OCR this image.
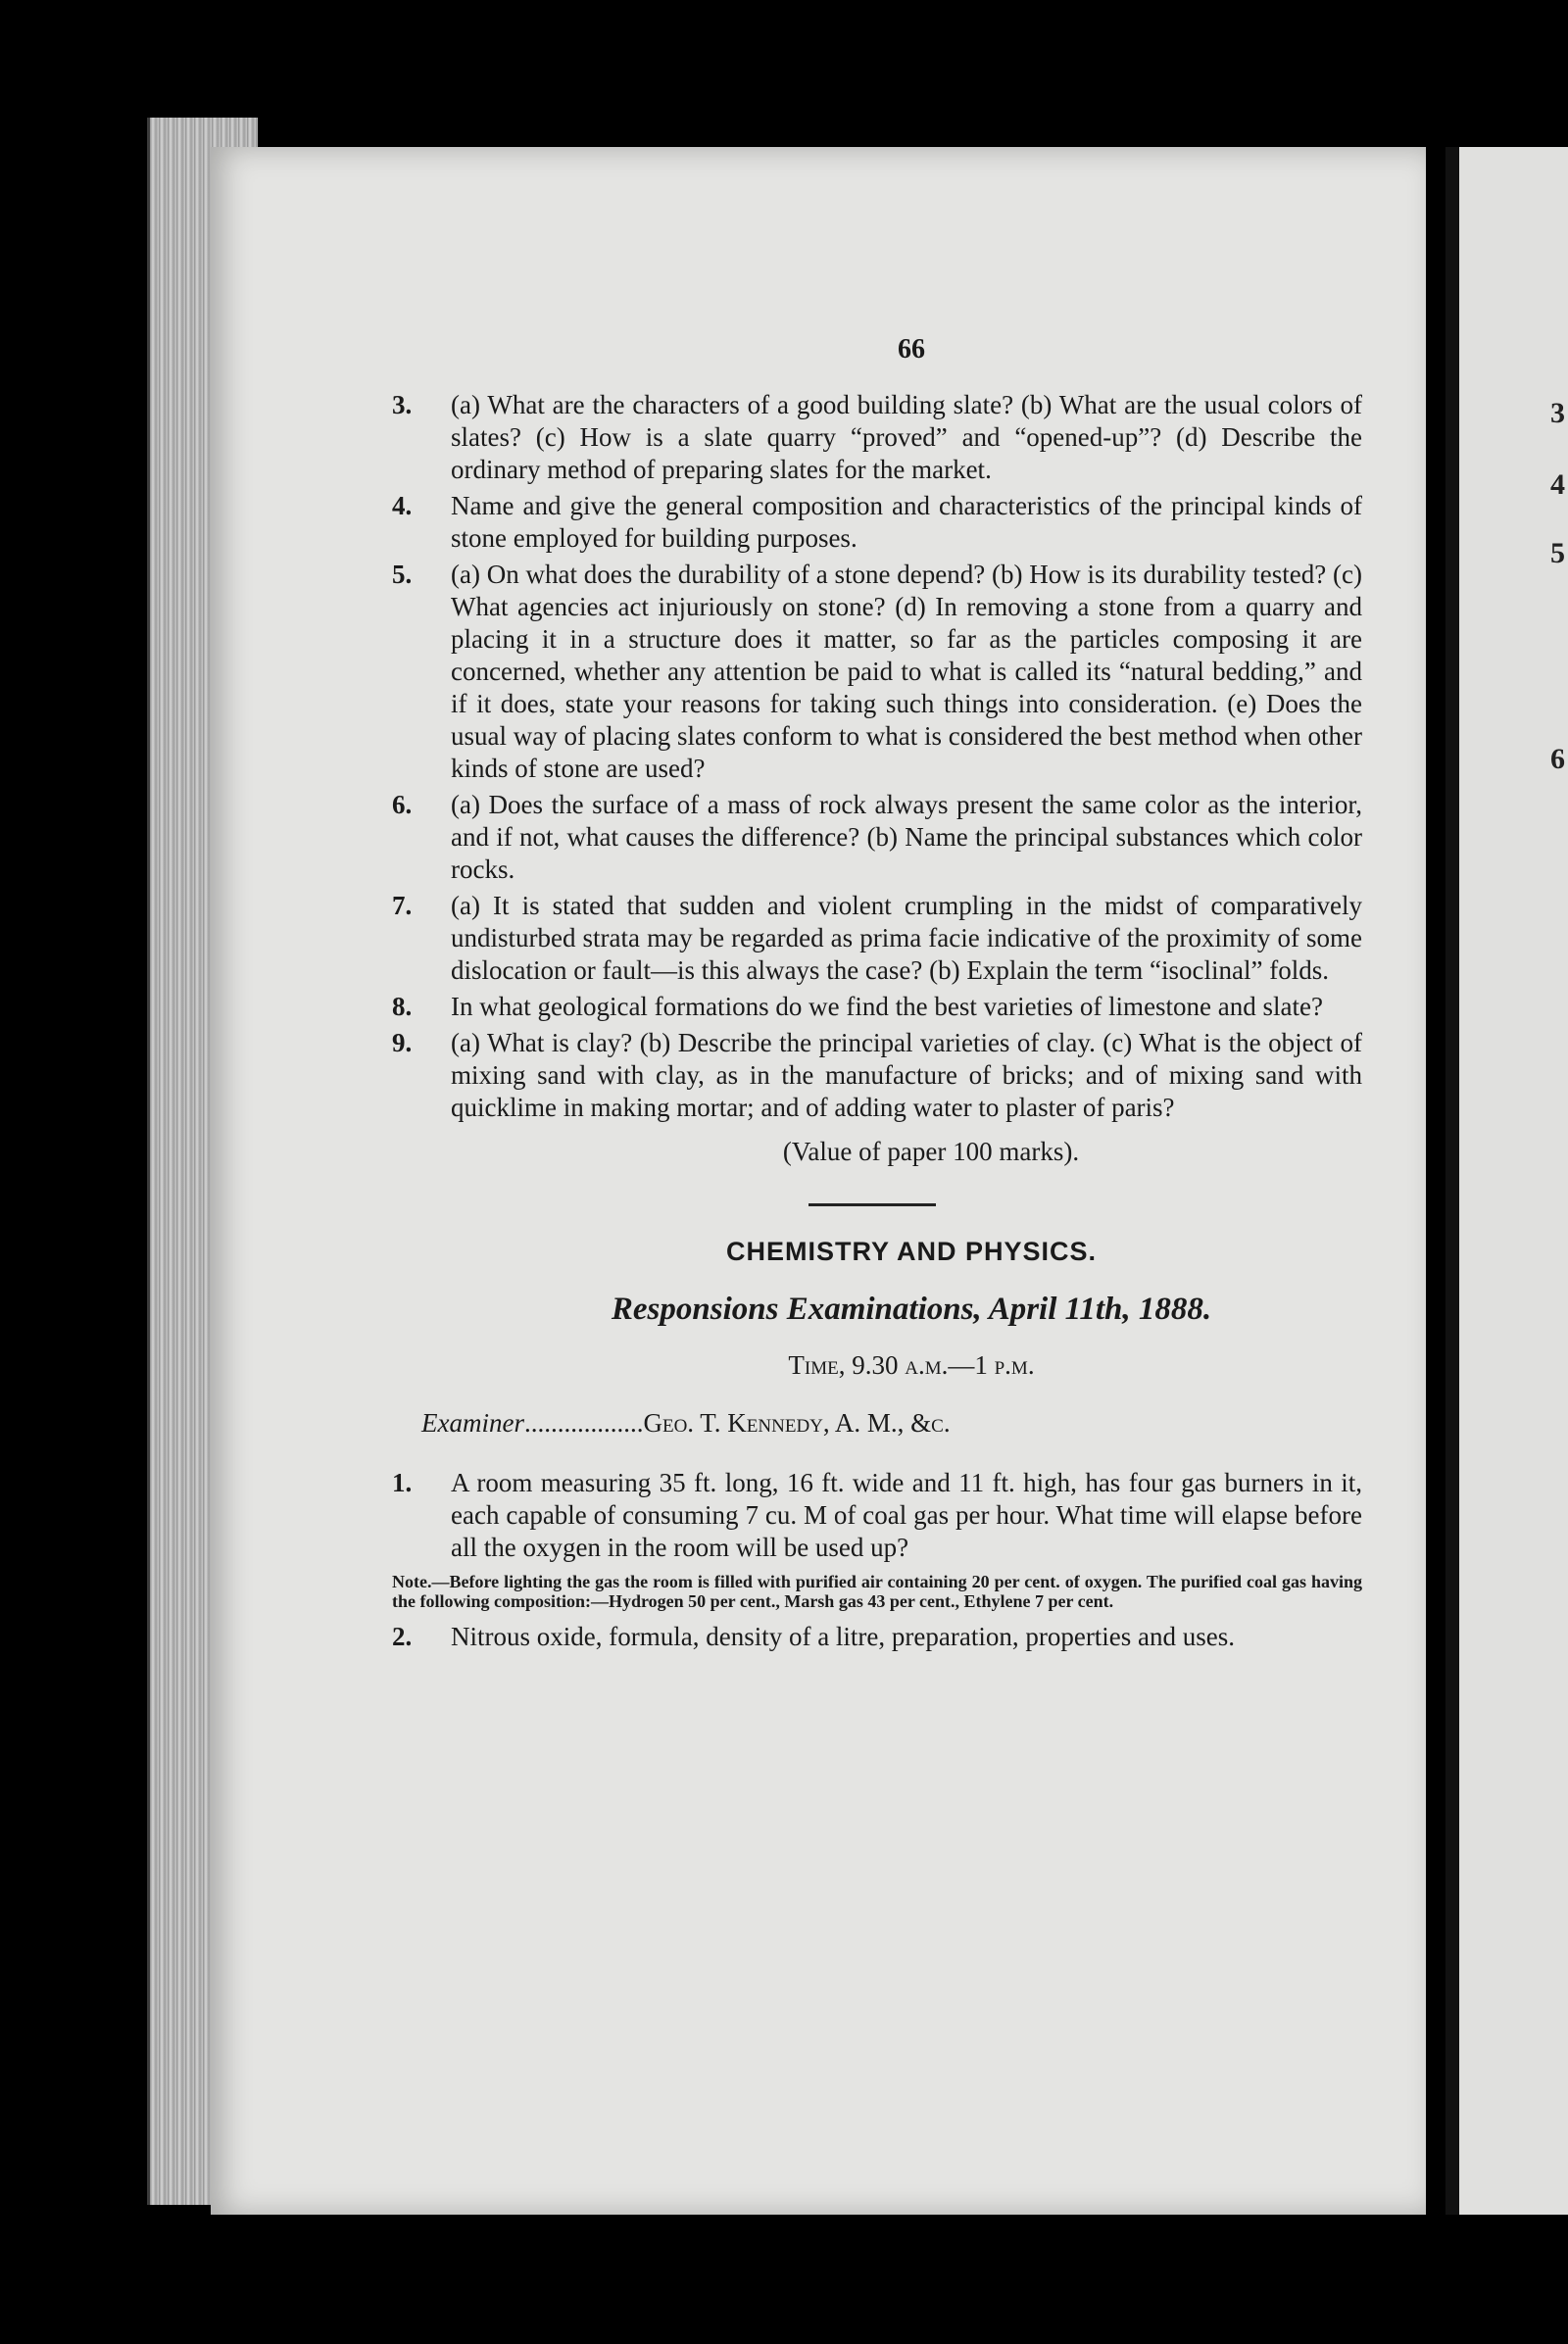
3
4
5
6
66
3. (a) What are the characters of a good building slate? (b) What are the usual colors of slates? (c) How is a slate quarry “proved” and “opened-up”? (d) Describe the ordinary method of preparing slates for the market.
4. Name and give the general composition and characteristics of the principal kinds of stone employed for building purposes.
5. (a) On what does the durability of a stone depend? (b) How is its durability tested? (c) What agencies act injuriously on stone? (d) In removing a stone from a quarry and placing it in a structure does it matter, so far as the particles composing it are concerned, whether any attention be paid to what is called its “natural bedding,” and if it does, state your reasons for taking such things into consideration. (e) Does the usual way of placing slates conform to what is considered the best method when other kinds of stone are used?
6. (a) Does the surface of a mass of rock always present the same color as the interior, and if not, what causes the difference? (b) Name the principal substances which color rocks.
7. (a) It is stated that sudden and violent crumpling in the midst of comparatively undisturbed strata may be regarded as prima facie indicative of the proximity of some dislocation or fault—is this always the case? (b) Explain the term “isoclinal” folds.
8. In what geological formations do we find the best varieties of limestone and slate?
9. (a) What is clay? (b) Describe the principal varieties of clay. (c) What is the object of mixing sand with clay, as in the manufacture of bricks; and of mixing sand with quicklime in making mortar; and of adding water to plaster of paris?
(Value of paper 100 marks).
CHEMISTRY AND PHYSICS.
Responsions Examinations, April 11th, 1888.
Time, 9.30 a.m.—1 p.m.
Examiner..................Geo. T. Kennedy, A. M., &c.
1. A room measuring 35 ft. long, 16 ft. wide and 11 ft. high, has four gas burners in it, each capable of consuming 7 cu. M of coal gas per hour. What time will elapse before all the oxygen in the room will be used up?
Note.—Before lighting the gas the room is filled with purified air containing 20 per cent. of oxygen. The purified coal gas having the following composition:—Hydrogen 50 per cent., Marsh gas 43 per cent., Ethylene 7 per cent.
2. Nitrous oxide, formula, density of a litre, preparation, properties and uses.
